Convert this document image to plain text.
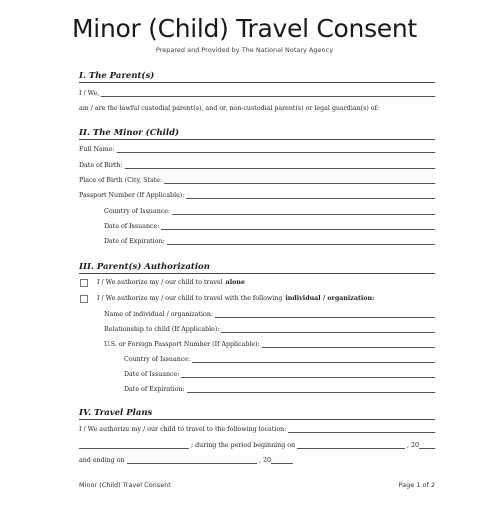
Minor (Child) Travel Consent
Prepared and Provided by The National Notary Agency
I. The Parent(s)
I / We,
am / are the lawful custodial parent(s), and or, non-custodial parent(s) or legal guardian(s) of:
II. The Minor (Child)
Full Name:
Date of Birth:
Place of Birth (City, State:
Passport Number (If Applicable):
Country of Issuance:
Date of Issuance:
Date of Expiration:
III. Parent(s) Authorization
I / We authorize my / our child to travel alone
I / We authorize my / our child to travel with the following individual / organization:
Name of individual / organization:
Relationship to child (If Applicable):
U.S. or Foreign Passport Number (If Applicable):
Country of Issuance:
Date of Issuance:
Date of Expiration:
IV. Travel Plans
I / We authorize my / our child to travel to the following location:
; during the period beginning on	, 20
and ending on	, 20
Minor (Child) Travel Consent	Page 1 of 2
